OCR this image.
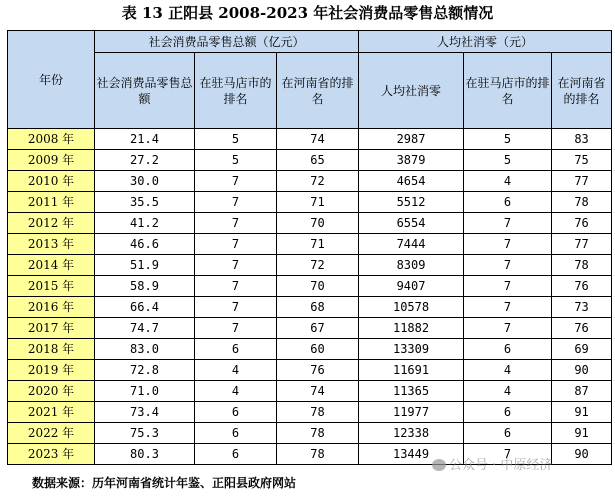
表 13 正阳县 2008-2023 年社会消费品零售总额情况
年份	社会消费品零售总额（亿元）			人均社消零（元）		
	社会消费品零售总额	在驻马店市的排名	在河南省的排名	人均社消零	在驻马店市的排名	在河南省的排名
2008 年	21.4	5	74	2987	5	83
2009 年	27.2	5	65	3879	5	75
2010 年	30.0	7	72	4654	4	77
2011 年	35.5	7	71	5512	6	78
2012 年	41.2	7	70	6554	7	76
2013 年	46.6	7	71	7444	7	77
2014 年	51.9	7	72	8309	7	78
2015 年	58.9	7	70	9407	7	76
2016 年	66.4	7	68	10578	7	73
2017 年	74.7	7	67	11882	7	76
2018 年	83.0	6	60	13309	6	69
2019 年	72.8	4	76	11691	4	90
2020 年	71.0	4	74	11365	4	87
2021 年	73.4	6	78	11977	6	91
2022 年	75.3	6	78	12338	6	91
2023 年	80.3	6	78	13449	7	90
数据来源：历年河南省统计年鉴、正阳县政府网站
公众号 · 中原经济
